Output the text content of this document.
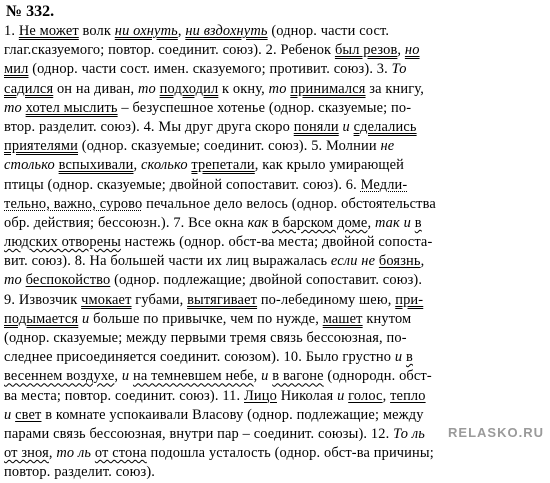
№ 332.
1. Не может волк ни охнуть, ни вздохнуть (однор. части сост.
глаг.сказуемого; повтор. соединит. союз). 2. Ребенок был резов, но
мил (однор. части сост. имен. сказуемого; противит. союз). 3. То
садился он на диван, то подходил к окну, то принимался за книгу,
то хотел мыслить – безуспешное хотенье (однор. сказуемые; по-
втор. разделит. союз). 4. Мы друг друга скоро поняли и сделались
приятелями (однор. сказуемые; соединит. союз). 5. Молнии не
столько вспыхивали, сколько трепетали, как крыло умирающей
птицы (однор. сказуемые; двойной сопоставит. союз). 6. Медли-
тельно, важно, сурово печальное дело велось (однор. обстоятельства
обр. действия; бессоюзн.). 7. Все окна как в барском доме, так и в
людских отворены настежь (однор. обст-ва места; двойной сопоста-
вит. союз). 8. На большей части их лиц выражалась если не боязнь,
то беспокойство (однор. подлежащие; двойной сопоставит. союз).
9. Извозчик чмокает губами, вытягивает по-лебединому шею, при-
подымается и больше по привычке, чем по нужде, машет кнутом
(однор. сказуемые; между первыми тремя связь бессоюзная, по-
следнее присоединяется соединит. союзом). 10. Было грустно и в
весеннем воздухе, и на темневшем небе, и в вагоне (однородн. обст-
ва места; повтор. соединит. союз). 11. Лицо Николая и голос, тепло
и свет в комнате успокаивали Власову (однор. подлежащие; между
парами связь бессоюзная, внутри пар – соединит. союзы). 12. То ль
от зноя, то ль от стона подошла усталость (однор. обст-ва причины;
повтор. разделит. союз).
RELASKO.RU
